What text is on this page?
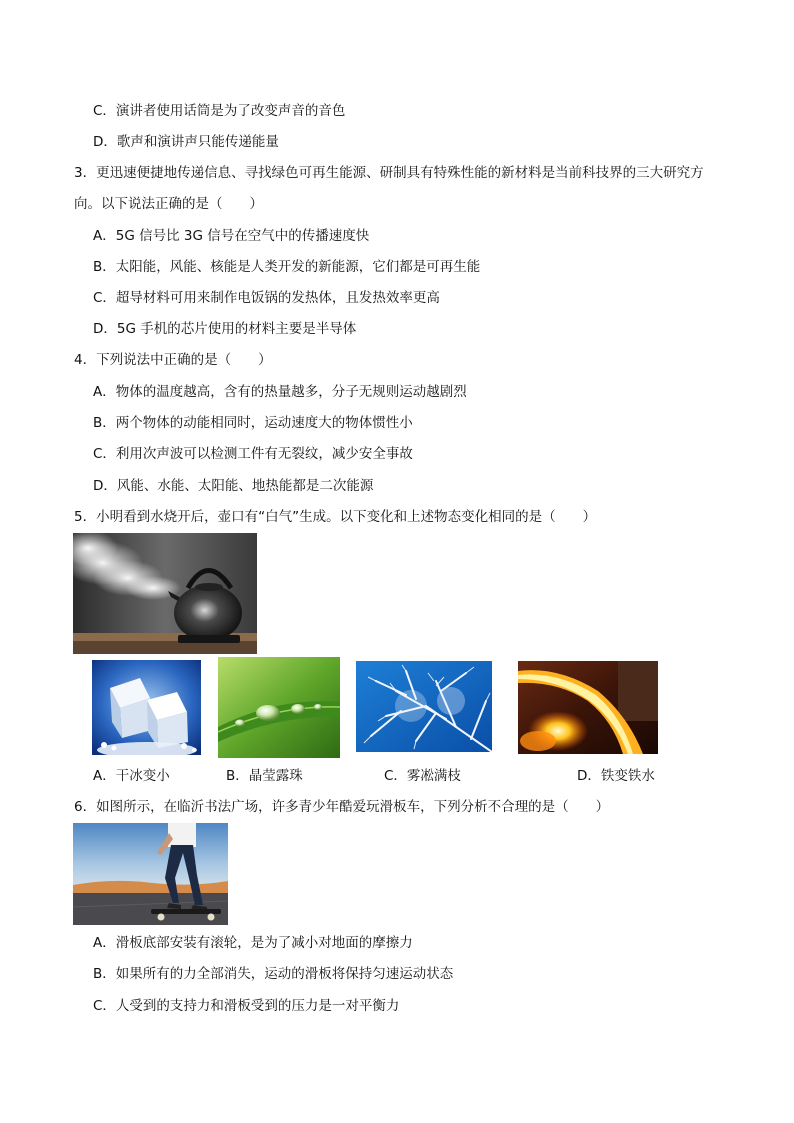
C．演讲者使用话筒是为了改变声音的音色
D．歌声和演讲声只能传递能量
3．更迅速便捷地传递信息、寻找绿色可再生能源、研制具有特殊性能的新材料是当前科技界的三大研究方
向。以下说法正确的是（　　）
A．5G 信号比 3G 信号在空气中的传播速度快
B．太阳能，风能、核能是人类开发的新能源，它们都是可再生能
C．超导材料可用来制作电饭锅的发热体，且发热效率更高
D．5G 手机的芯片使用的材料主要是半导体
4．下列说法中正确的是（　　）
A．物体的温度越高，含有的热量越多，分子无规则运动越剧烈
B．两个物体的动能相同时，运动速度大的物体惯性小
C．利用次声波可以检测工件有无裂纹，减少安全事故
D．风能、水能、太阳能、地热能都是二次能源
5．小明看到水烧开后，壶口有“白气”生成。以下变化和上述物态变化相同的是（　　）
A．干冰变小	B．晶莹露珠	C．雾凇满枝	D．铁变铁水
6．如图所示，在临沂书法广场，许多青少年酷爱玩滑板车，下列分析不合理的是（　　）
A．滑板底部安装有滚轮，是为了减小对地面的摩擦力
B．如果所有的力全部消失，运动的滑板将保持匀速运动状态
C．人受到的支持力和滑板受到的压力是一对平衡力
